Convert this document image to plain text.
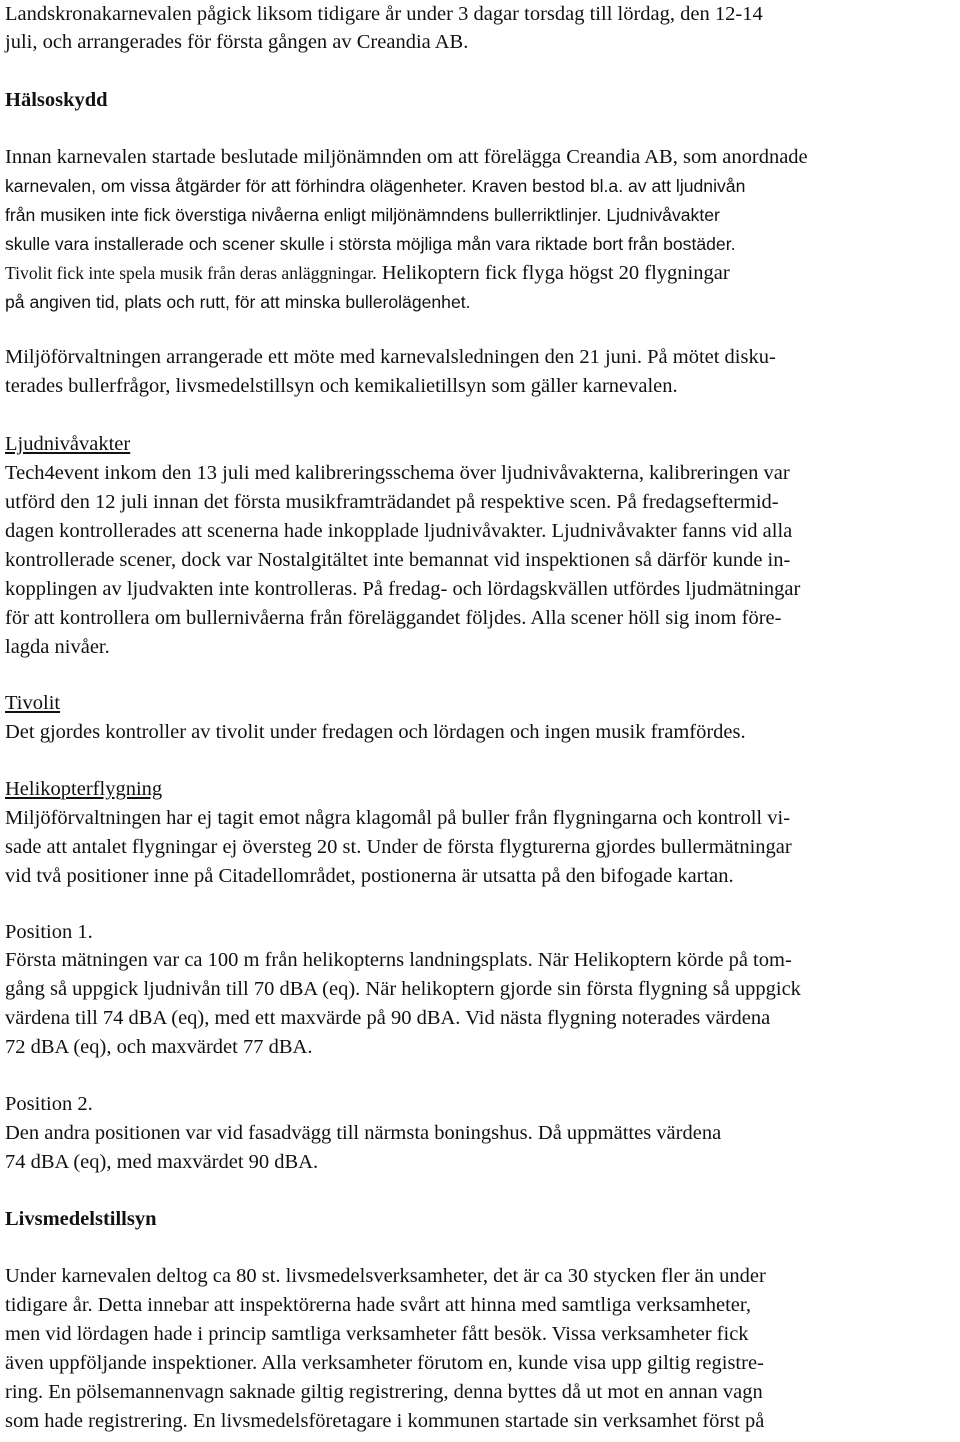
Landskronakarnevalen pågick liksom tidigare år under 3 dagar torsdag till lördag, den 12-14
juli, och arrangerades för första gången av Creandia AB.
Hälsoskydd
Innan karnevalen startade beslutade miljönämnden om att förelägga Creandia AB, som anordnade
karnevalen, om vissa åtgärder för att förhindra olägenheter. Kraven bestod bl.a. av att ljudnivån
från musiken inte fick överstiga nivåerna enligt miljönämndens bullerriktlinjer. Ljudnivåvakter
skulle vara installerade och scener skulle i största möjliga mån vara riktade bort från bostäder.
Tivolit fick inte spela musik från deras anläggningar. Helikoptern fick flyga högst 20 flygningar
på angiven tid, plats och rutt, för att minska bullerolägenhet.
Miljöförvaltningen arrangerade ett möte med karnevalsledningen den 21 juni. På mötet disku-
terades bullerfrågor, livsmedelstillsyn och kemikalietillsyn som gäller karnevalen.
Ljudnivåvakter
Tech4event inkom den 13 juli med kalibreringsschema över ljudnivåvakterna, kalibreringen var
utförd den 12 juli innan det första musikframträdandet på respektive scen. På fredagseftermid-
dagen kontrollerades att scenerna hade inkopplade ljudnivåvakter. Ljudnivåvakter fanns vid alla
kontrollerade scener, dock var Nostalgitältet inte bemannat vid inspektionen så därför kunde in-
kopplingen av ljudvakten inte kontrolleras. På fredag- och lördagskvällen utfördes ljudmätningar
för att kontrollera om bullernivåerna från föreläggandet följdes. Alla scener höll sig inom före-
lagda nivåer.
Tivolit
Det gjordes kontroller av tivolit under fredagen och lördagen och ingen musik framfördes.
Helikopterflygning
Miljöförvaltningen har ej tagit emot några klagomål på buller från flygningarna och kontroll vi-
sade att antalet flygningar ej översteg 20 st. Under de första flygturerna gjordes bullermätningar
vid två positioner inne på Citadellområdet, postionerna är utsatta på den bifogade kartan.
Position 1.
Första mätningen var ca 100 m från helikopterns landningsplats. När Helikoptern körde på tom-
gång så uppgick ljudnivån till 70 dBA (eq). När helikoptern gjorde sin första flygning så uppgick
värdena till 74 dBA (eq), med ett maxvärde på 90 dBA. Vid nästa flygning noterades värdena
72 dBA (eq), och maxvärdet 77 dBA.
Position 2.
Den andra positionen var vid fasadvägg till närmsta boningshus. Då uppmättes värdena
74 dBA (eq), med maxvärdet 90 dBA.
Livsmedelstillsyn
Under karnevalen deltog ca 80 st. livsmedelsverksamheter, det är ca 30 stycken fler än under
tidigare år. Detta innebar att inspektörerna hade svårt att hinna med samtliga verksamheter,
men vid lördagen hade i princip samtliga verksamheter fått besök. Vissa verksamheter fick
även uppföljande inspektioner. Alla verksamheter förutom en, kunde visa upp giltig registre-
ring. En pölsemannenvagn saknade giltig registrering, denna byttes då ut mot en annan vagn
som hade registrering. En livsmedelsföretagare i kommunen startade sin verksamhet först på
